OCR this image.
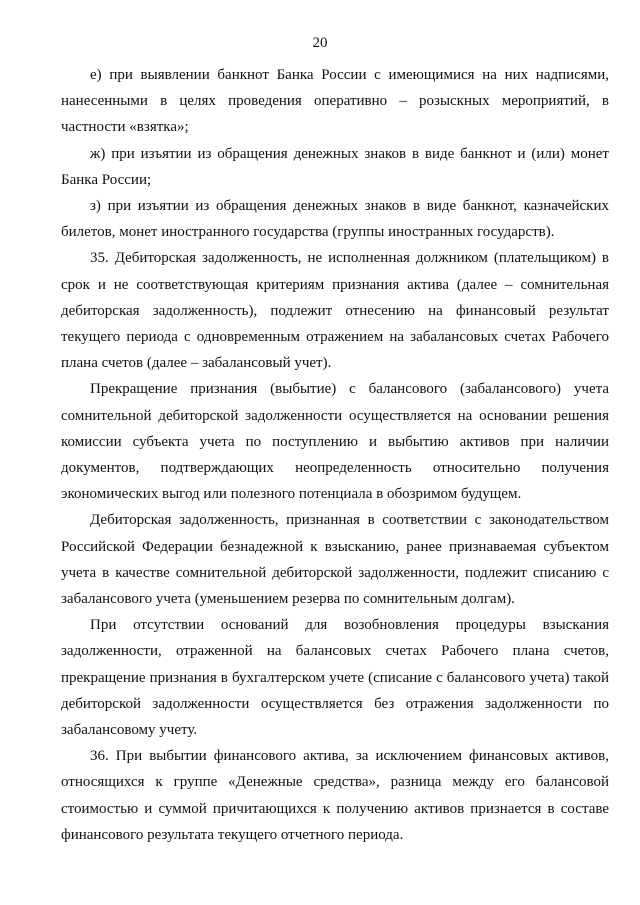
20

е) при выявлении банкнот Банка России с имеющимися на них надписями, нанесенными в целях проведения оперативно – розыскных мероприятий, в частности «взятка»;

ж) при изъятии из обращения денежных знаков в виде банкнот и (или) монет Банка России;

з) при изъятии из обращения денежных знаков в виде банкнот, казначейских билетов, монет иностранного государства (группы иностранных государств).

35. Дебиторская задолженность, не исполненная должником (плательщиком) в срок и не соответствующая критериям признания актива (далее – сомнительная дебиторская задолженность), подлежит отнесению на финансовый результат текущего периода с одновременным отражением на забалансовых счетах Рабочего плана счетов (далее – забалансовый учет).

Прекращение признания (выбытие) с балансового (забалансового) учета сомнительной дебиторской задолженности осуществляется на основании решения комиссии субъекта учета по поступлению и выбытию активов при наличии документов, подтверждающих неопределенность относительно получения экономических выгод или полезного потенциала в обозримом будущем.

Дебиторская задолженность, признанная в соответствии с законодательством Российской Федерации безнадежной к взысканию, ранее признаваемая субъектом учета в качестве сомнительной дебиторской задолженности, подлежит списанию с забалансового учета (уменьшением резерва по сомнительным долгам).

При отсутствии оснований для возобновления процедуры взыскания задолженности, отраженной на балансовых счетах Рабочего плана счетов, прекращение признания в бухгалтерском учете (списание с балансового учета) такой дебиторской задолженности осуществляется без отражения задолженности по забалансовому учету.

36. При выбытии финансового актива, за исключением финансовых активов, относящихся к группе «Денежные средства», разница между его балансовой стоимостью и суммой причитающихся к получению активов признается в составе финансового результата текущего отчетного периода.
